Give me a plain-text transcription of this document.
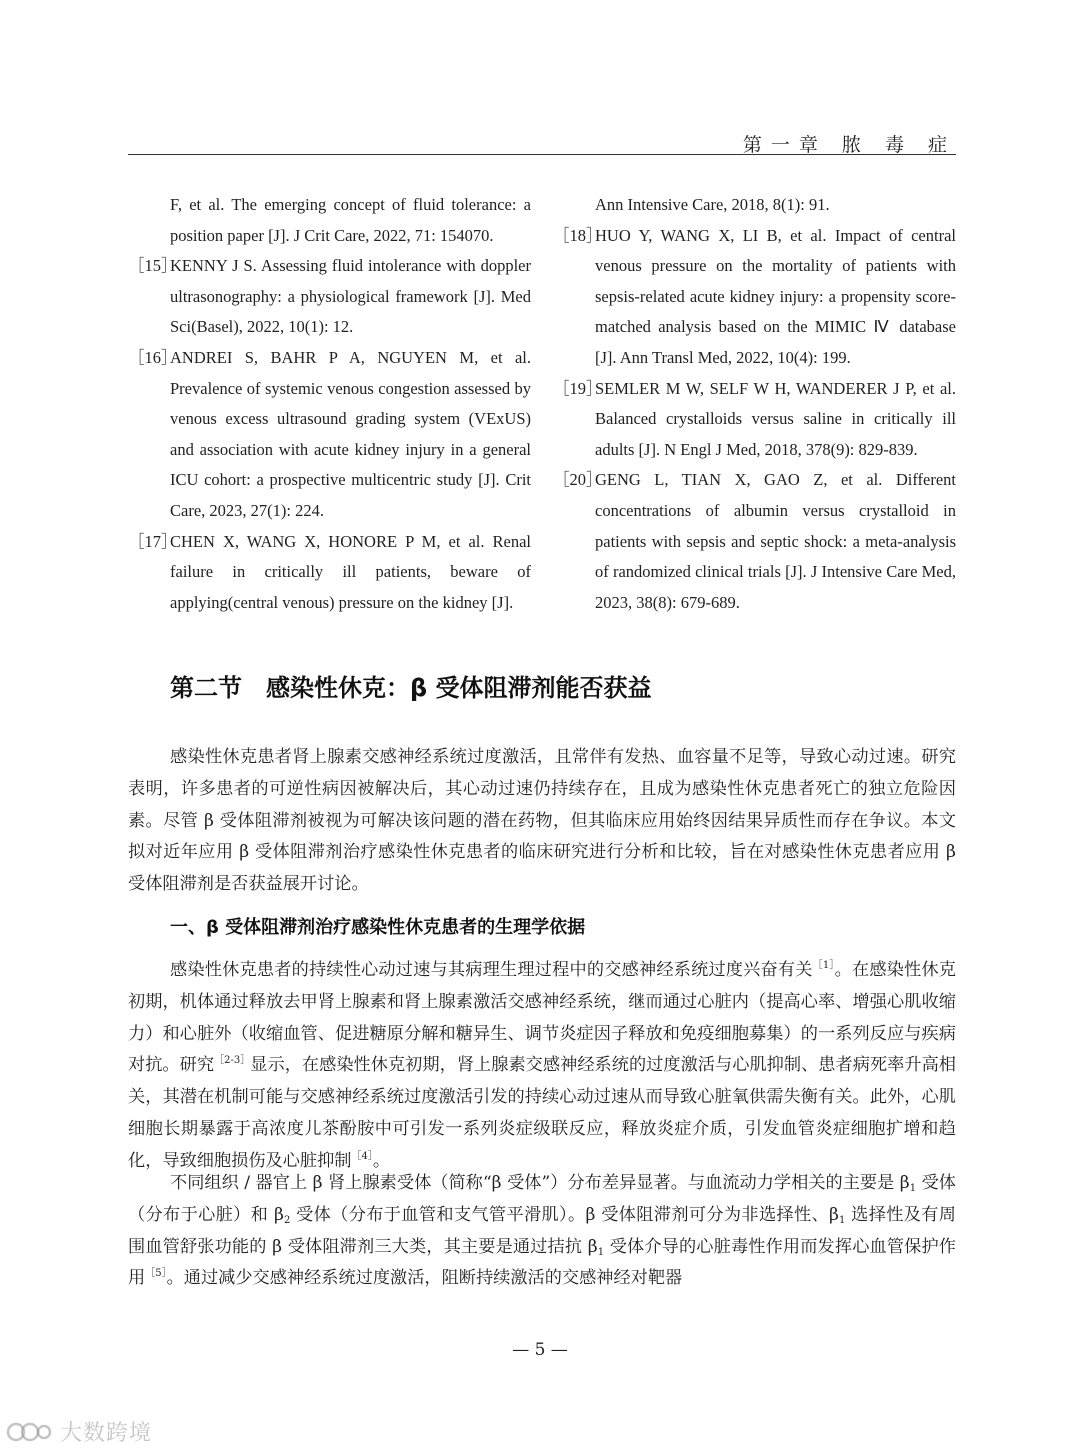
第一章 脓 毒 症
F, et al. The emerging concept of fluid tolerance: a position paper [J]. J Crit Care, 2022, 71: 154070.
［15］
KENNY J S. Assessing fluid intolerance with doppler ultrasonography: a physiological framework [J]. Med Sci(Basel), 2022, 10(1): 12.
［16］
ANDREI S, BAHR P A, NGUYEN M, et al. Prevalence of systemic venous congestion assessed by venous excess ultrasound grading system (VExUS) and association with acute kidney injury in a general ICU cohort: a prospective multicentric study [J]. Crit Care, 2023, 27(1): 224.
［17］
CHEN X, WANG X, HONORE P M, et al. Renal failure in critically ill patients, beware of applying(central venous) pressure on the kidney [J].
Ann Intensive Care, 2018, 8(1): 91.
［18］
HUO Y, WANG X, LI B, et al. Impact of central venous pressure on the mortality of patients with sepsis-related acute kidney injury: a propensity score-matched analysis based on the MIMIC Ⅳ database [J]. Ann Transl Med, 2022, 10(4): 199.
［19］
SEMLER M W, SELF W H, WANDERER J P, et al. Balanced crystalloids versus saline in critically ill adults [J]. N Engl J Med, 2018, 378(9): 829-839.
［20］
GENG L, TIAN X, GAO Z, et al. Different concentrations of albumin versus crystalloid in patients with sepsis and septic shock: a meta-analysis of randomized clinical trials [J]. J Intensive Care Med, 2023, 38(8): 679-689.
第二节 感染性休克：β 受体阻滞剂能否获益

感染性休克患者肾上腺素交感神经系统过度激活，且常伴有发热、血容量不足等，导致心动过速。研究表明，许多患者的可逆性病因被解决后，其心动过速仍持续存在，且成为感染性休克患者死亡的独立危险因素。尽管 β 受体阻滞剂被视为可解决该问题的潜在药物，但其临床应用始终因结果异质性而存在争议。本文拟对近年应用 β 受体阻滞剂治疗感染性休克患者的临床研究进行分析和比较，旨在对感染性休克患者应用 β 受体阻滞剂是否获益展开讨论。

一、β 受体阻滞剂治疗感染性休克患者的生理学依据

感染性休克患者的持续性心动过速与其病理生理过程中的交感神经系统过度兴奋有关$^{[1]}$。在感染性休克初期，机体通过释放去甲肾上腺素和肾上腺素激活交感神经系统，继而通过心脏内（提高心率、增强心肌收缩力）和心脏外（收缩血管、促进糖原分解和糖异生、调节炎症因子释放和免疫细胞募集）的一系列反应与疾病对抗。研究$^{[2-3]}$显示，在感染性休克初期，肾上腺素交感神经系统的过度激活与心肌抑制、患者病死率升高相关，其潜在机制可能与交感神经系统过度激活引发的持续心动过速从而导致心脏氧供需失衡有关。此外，心肌细胞长期暴露于高浓度儿茶酚胺中可引发一系列炎症级联反应，释放炎症介质，引发血管炎症细胞扩增和趋化，导致细胞损伤及心脏抑制$^{[4]}$。

不同组织 / 器官上 β 肾上腺素受体（简称“β 受体”）分布差异显著。与血流动力学相关的主要是 $\beta_1$ 受体（分布于心脏）和 $\beta_2$ 受体（分布于血管和支气管平滑肌）。β 受体阻滞剂可分为非选择性、$\beta_1$ 选择性及有周围血管舒张功能的 β 受体阻滞剂三大类，其主要是通过拮抗 $\beta_1$ 受体介导的心脏毒性作用而发挥心血管保护作用$^{[5]}$。通过减少交感神经系统过度激活，阻断持续激活的交感神经对靶器

— 5 —
大数跨境
